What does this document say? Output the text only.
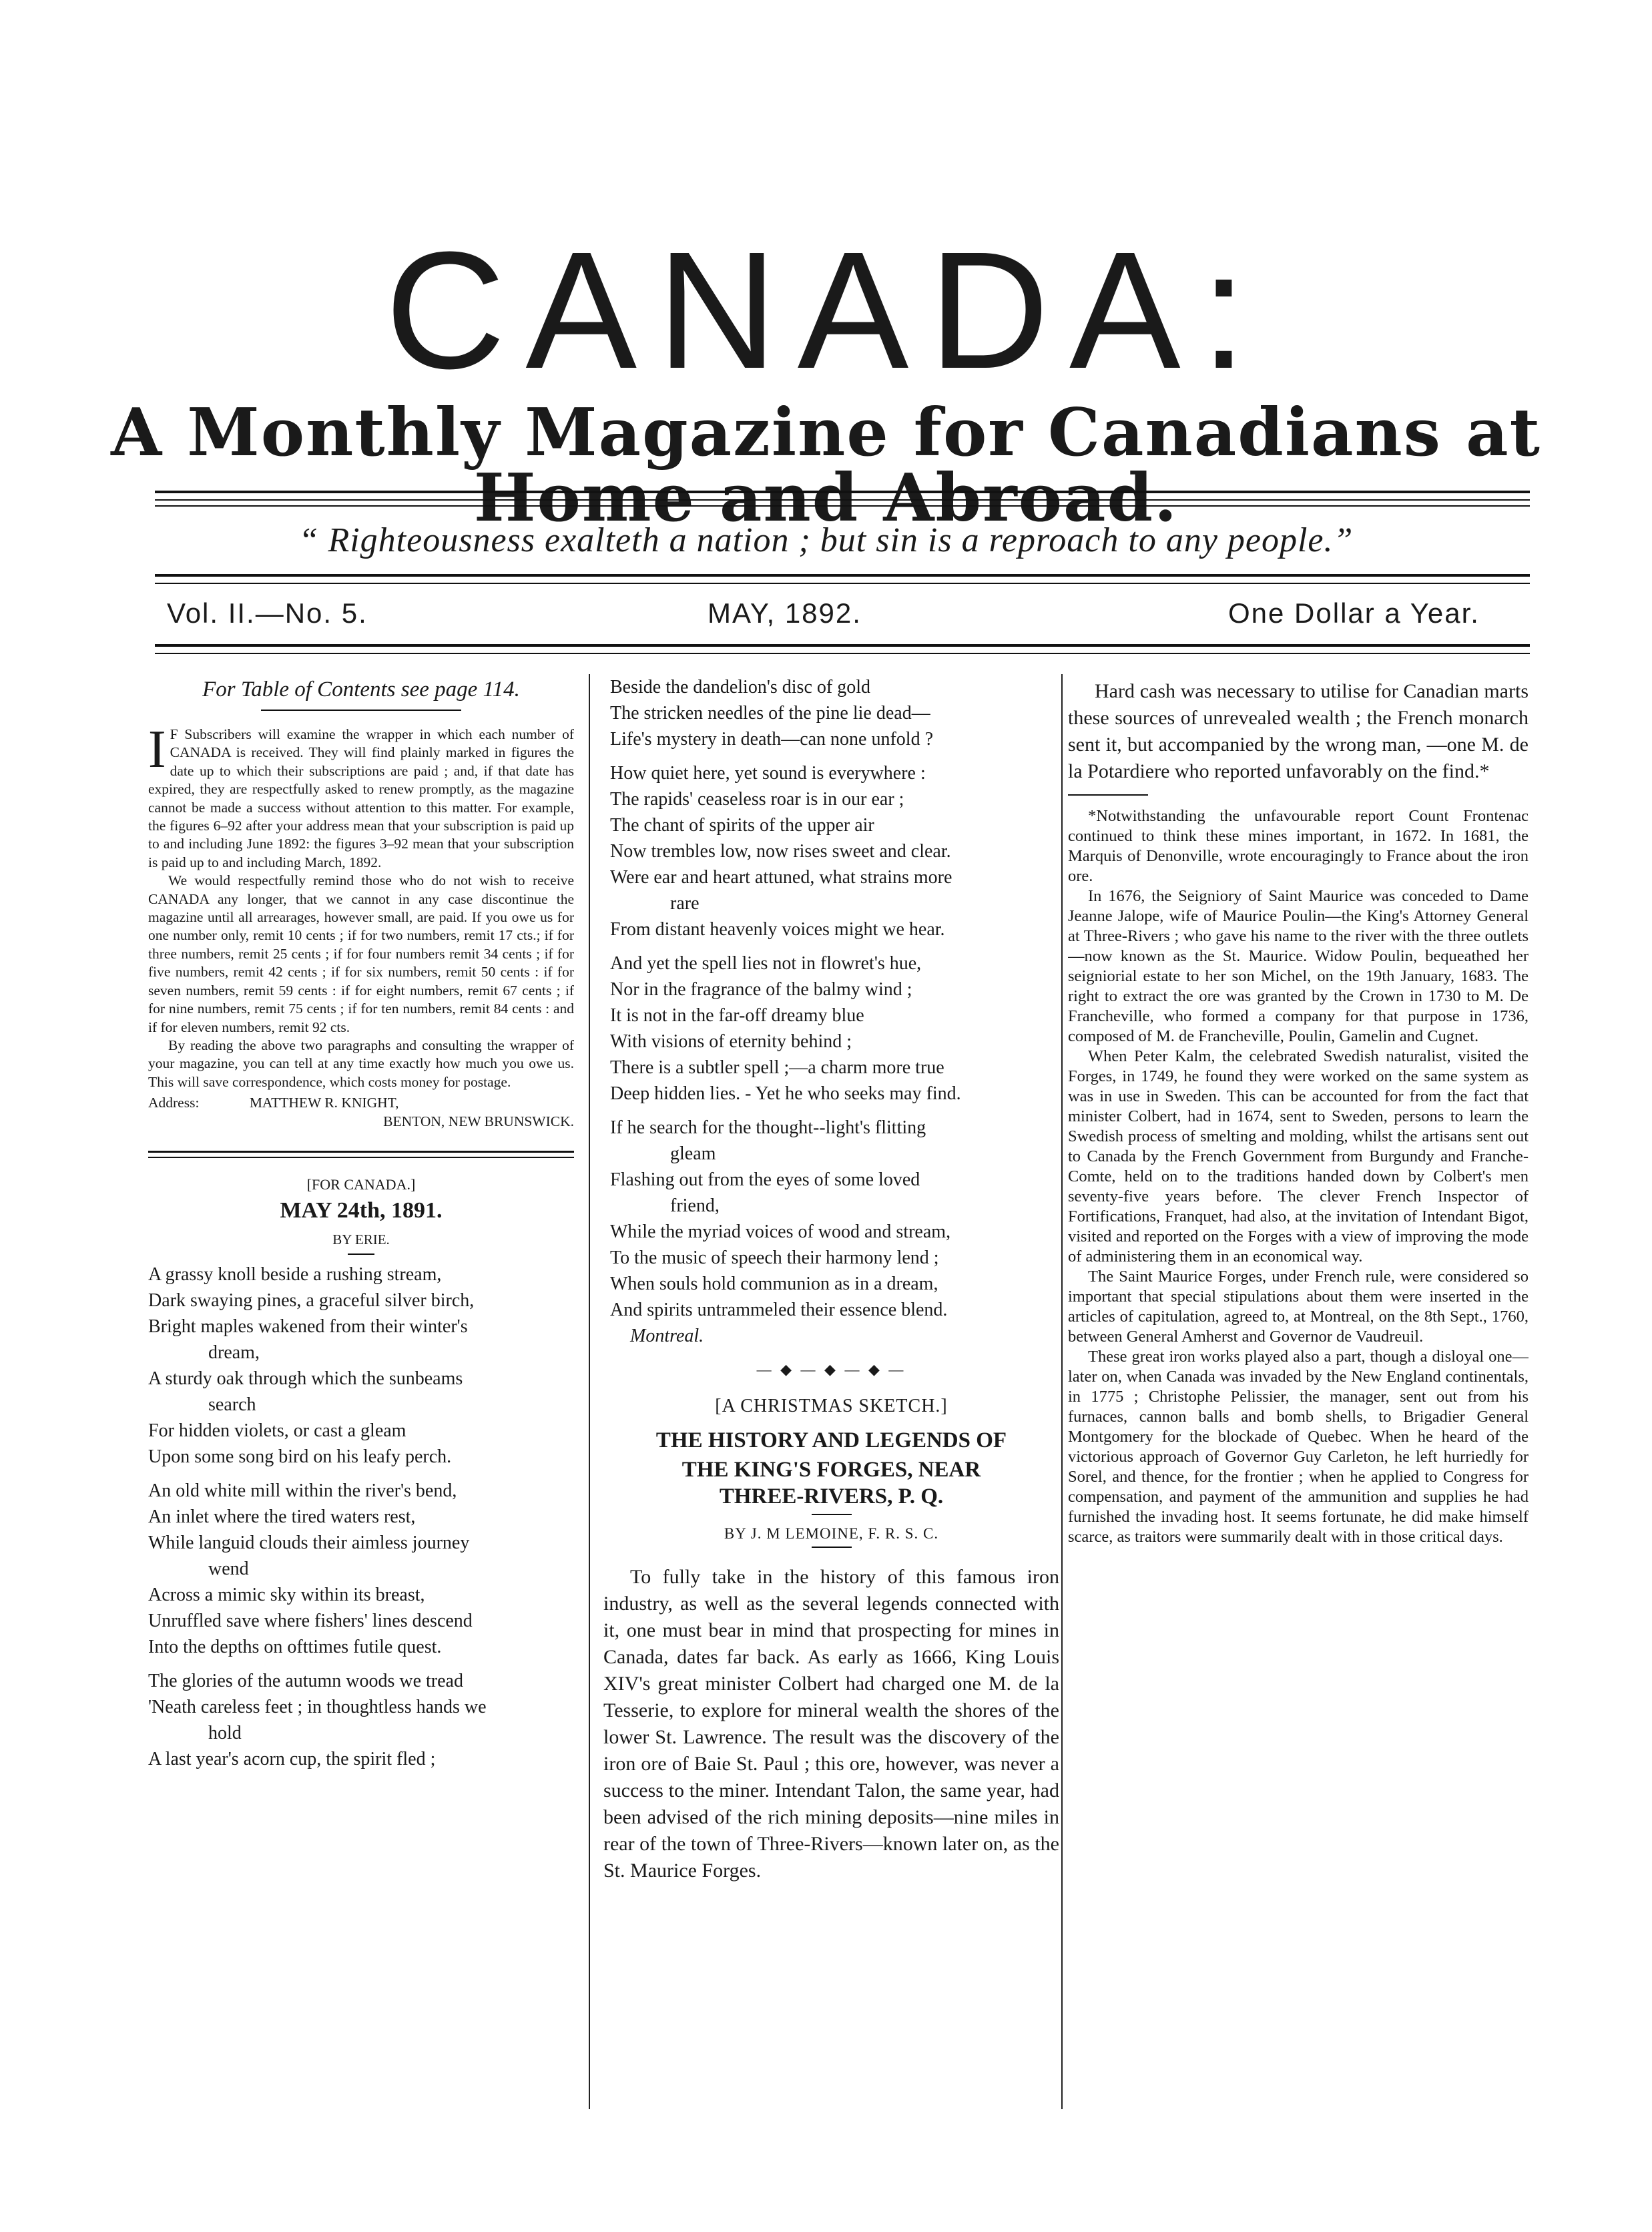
CANADA:
A Monthly Magazine for Canadians at Home and Abroad.
“ Righteousness exalteth a nation ; but sin is a reproach to any people.”
Vol. II.—No. 5.	MAY, 1892.	One Dollar a Year.

For Table of Contents see page 114.

I F Subscribers will examine the wrapper in which each number of CANADA is received. They will find plainly marked in figures the date up to which their subscriptions are paid ; and, if that date has expired, they are respectfully asked to renew promptly, as the magazine cannot be made a success without attention to this matter. For example, the figures 6–92 after your address mean that your subscription is paid up to and including June 1892: the figures 3–92 mean that your subscription is paid up to and including March, 1892.

We would respectfully remind those who do not wish to receive CANADA any longer, that we cannot in any case discontinue the magazine until all arrearages, however small, are paid. If you owe us for one number only, remit 10 cents ; if for two numbers, remit 17 cts.; if for three numbers, remit 25 cents ; if for four numbers remit 34 cents ; if for five numbers, remit 42 cents ; if for six numbers, remit 50 cents : if for seven numbers, remit 59 cents : if for eight numbers, remit 67 cents ; if for nine numbers, remit 75 cents ; if for ten numbers, remit 84 cents : and if for eleven numbers, remit 92 cts.

By reading the above two paragraphs and consulting the wrapper of your magazine, you can tell at any time exactly how much you owe us. This will save correspondence, which costs money for postage.

Address:	MATTHEW R. KNIGHT,
BENTON, NEW BRUNSWICK.

[FOR CANADA.]

MAY 24th, 1891.

BY ERIE.

A grassy knoll beside a rushing stream,

Dark swaying pines, a graceful silver birch,

Bright maples wakened from their winter's

dream,

A sturdy oak through which the sunbeams

search

For hidden violets, or cast a gleam

Upon some song bird on his leafy perch.

An old white mill within the river's bend,

An inlet where the tired waters rest,

While languid clouds their aimless journey

wend

Across a mimic sky within its breast,

Unruffled save where fishers' lines descend

Into the depths on ofttimes futile quest.

The glories of the autumn woods we tread

'Neath careless feet ; in thoughtless hands we

hold

A last year's acorn cup, the spirit fled ;

Beside the dandelion's disc of gold

The stricken needles of the pine lie dead—

Life's mystery in death—can none unfold ?

How quiet here, yet sound is everywhere :

The rapids' ceaseless roar is in our ear ;

The chant of spirits of the upper air

Now trembles low, now rises sweet and clear.

Were ear and heart attuned, what strains more

rare

From distant heavenly voices might we hear.

And yet the spell lies not in flowret's hue,

Nor in the fragrance of the balmy wind ;

It is not in the far-off dreamy blue

With visions of eternity behind ;

There is a subtler spell ;—a charm more true

Deep hidden lies. - Yet he who seeks may find.

If he search for the thought--light's flitting

gleam

Flashing out from the eyes of some loved

friend,

While the myriad voices of wood and stream,

To the music of speech their harmony lend ;

When souls hold communion as in a dream,

And spirits untrammeled their essence blend.

Montreal.

— ◆ — ◆ — ◆ —

[A CHRISTMAS SKETCH.]

THE HISTORY AND LEGENDS OF

THE KING'S FORGES, NEAR

THREE-RIVERS, P. Q.

BY J. M LEMOINE, F. R. S. C.

To fully take in the history of this famous iron industry, as well as the several legends connected with it, one must bear in mind that prospecting for mines in Canada, dates far back. As early as 1666, King Louis XIV's great minister Colbert had charged one M. de la Tesserie, to explore for mineral wealth the shores of the lower St. Lawrence. The result was the discovery of the iron ore of Baie St. Paul ; this ore, however, was never a success to the miner. Intendant Talon, the same year, had been advised of the rich mining deposits—nine miles in rear of the town of Three-Rivers—known later on, as the St. Maurice Forges.

Hard cash was necessary to utilise for Canadian marts these sources of unrevealed wealth ; the French monarch sent it, but accompanied by the wrong man, —one M. de la Potardiere who reported unfavorably on the find.*

*Notwithstanding the unfavourable report Count Frontenac continued to think these mines important, in 1672. In 1681, the Marquis of Denonville, wrote encouragingly to France about the iron ore.

In 1676, the Seigniory of Saint Maurice was conceded to Dame Jeanne Jalope, wife of Maurice Poulin—the King's Attorney General at Three-Rivers ; who gave his name to the river with the three outlets—now known as the St. Maurice. Widow Poulin, bequeathed her seigniorial estate to her son Michel, on the 19th January, 1683. The right to extract the ore was granted by the Crown in 1730 to M. De Francheville, who formed a company for that purpose in 1736, composed of M. de Francheville, Poulin, Gamelin and Cugnet.

When Peter Kalm, the celebrated Swedish naturalist, visited the Forges, in 1749, he found they were worked on the same system as was in use in Sweden. This can be accounted for from the fact that minister Colbert, had in 1674, sent to Sweden, persons to learn the Swedish process of smelting and molding, whilst the artisans sent out to Canada by the French Government from Burgundy and Franche-Comte, held on to the traditions handed down by Colbert's men seventy-five years before. The clever French Inspector of Fortifications, Franquet, had also, at the invitation of Intendant Bigot, visited and reported on the Forges with a view of improving the mode of administering them in an economical way.

The Saint Maurice Forges, under French rule, were considered so important that special stipulations about them were inserted in the articles of capitulation, agreed to, at Montreal, on the 8th Sept., 1760, between General Amherst and Governor de Vaudreuil.

These great iron works played also a part, though a disloyal one—later on, when Canada was invaded by the New England continentals, in 1775 ; Christophe Pelissier, the manager, sent out from his furnaces, cannon balls and bomb shells, to Brigadier General Montgomery for the blockade of Quebec. When he heard of the victorious approach of Governor Guy Carleton, he left hurriedly for Sorel, and thence, for the frontier ; when he applied to Congress for compensation, and payment of the ammunition and supplies he had furnished the invading host. It seems fortunate, he did make himself scarce, as traitors were summarily dealt with in those critical days.
